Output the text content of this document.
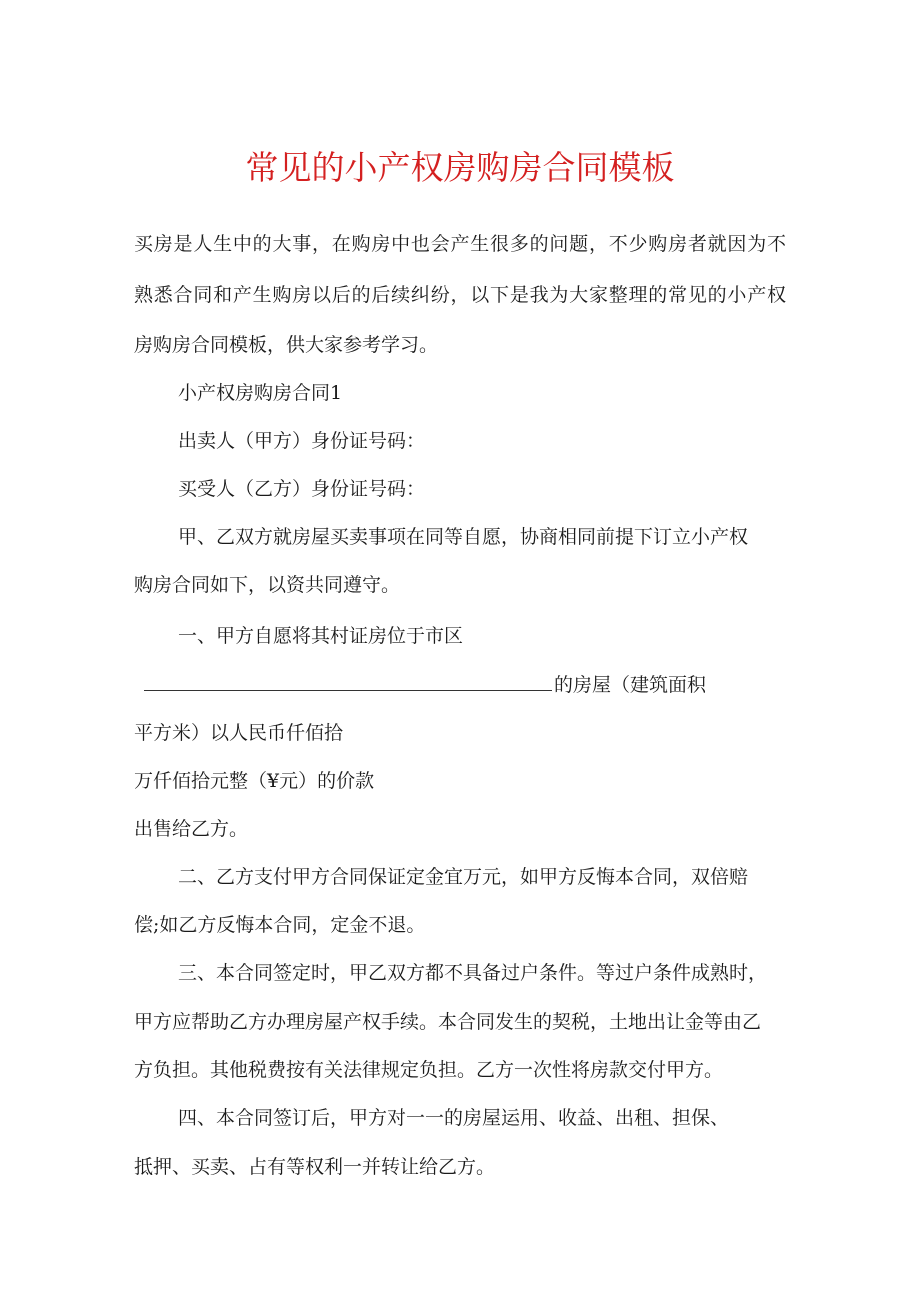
常见的小产权房购房合同模板
买房是人生中的大事，在购房中也会产生很多的问题，不少购房者就因为不
熟悉合同和产生购房以后的后续纠纷，以下是我为大家整理的常见的小产权
房购房合同模板，供大家参考学习。
小产权房购房合同1
出卖人（甲方）身份证号码：
买受人（乙方）身份证号码：
甲、乙双方就房屋买卖事项在同等自愿，协商相同前提下订立小产权
购房合同如下，以资共同遵守。
一、甲方自愿将其村证房位于市区
的房屋（建筑面积
平方米）以人民币仟佰拾
万仟佰拾元整（¥元）的价款
出售给乙方。
二、乙方支付甲方合同保证定金宜万元，如甲方反悔本合同，双倍赔
偿;如乙方反悔本合同，定金不退。
三、本合同签定时，甲乙双方都不具备过户条件。等过户条件成熟时，
甲方应帮助乙方办理房屋产权手续。本合同发生的契税，土地出让金等由乙
方负担。其他税费按有关法律规定负担。乙方一次性将房款交付甲方。
四、本合同签订后，甲方对一一的房屋运用、收益、出租、担保、
抵押、买卖、占有等权利一并转让给乙方。
